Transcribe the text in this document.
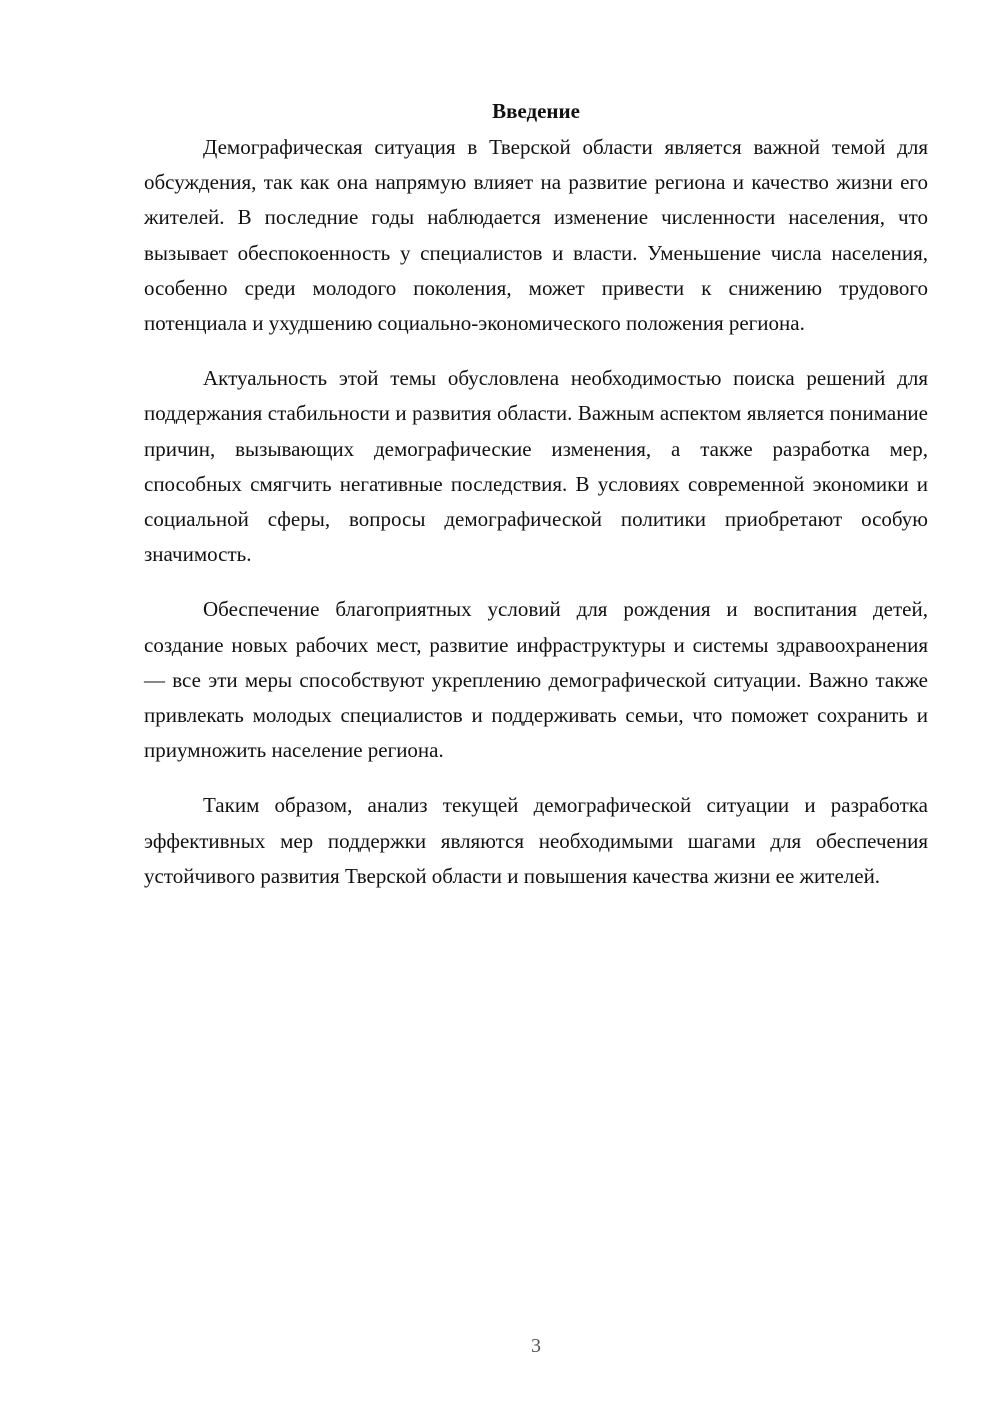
Введение

Демографическая ситуация в Тверской области является важной темой для обсуждения, так как она напрямую влияет на развитие региона и качество жизни его жителей. В последние годы наблюдается изменение численности населения, что вызывает обеспокоенность у специалистов и власти. Уменьшение числа населения, особенно среди молодого поколения, может привести к снижению трудового потенциала и ухудшению социально-экономического положения региона.

Актуальность этой темы обусловлена необходимостью поиска решений для поддержания стабильности и развития области. Важным аспектом является понимание причин, вызывающих демографические изменения, а также разработка мер, способных смягчить негативные последствия. В условиях современной экономики и социальной сферы, вопросы демографической политики приобретают особую значимость.

Обеспечение благоприятных условий для рождения и воспитания детей, создание новых рабочих мест, развитие инфраструктуры и системы здравоохранения — все эти меры способствуют укреплению демографической ситуации. Важно также привлекать молодых специалистов и поддерживать семьи, что поможет сохранить и приумножить население региона.

Таким образом, анализ текущей демографической ситуации и разработка эффективных мер поддержки являются необходимыми шагами для обеспечения устойчивого развития Тверской области и повышения качества жизни ее жителей.

3
